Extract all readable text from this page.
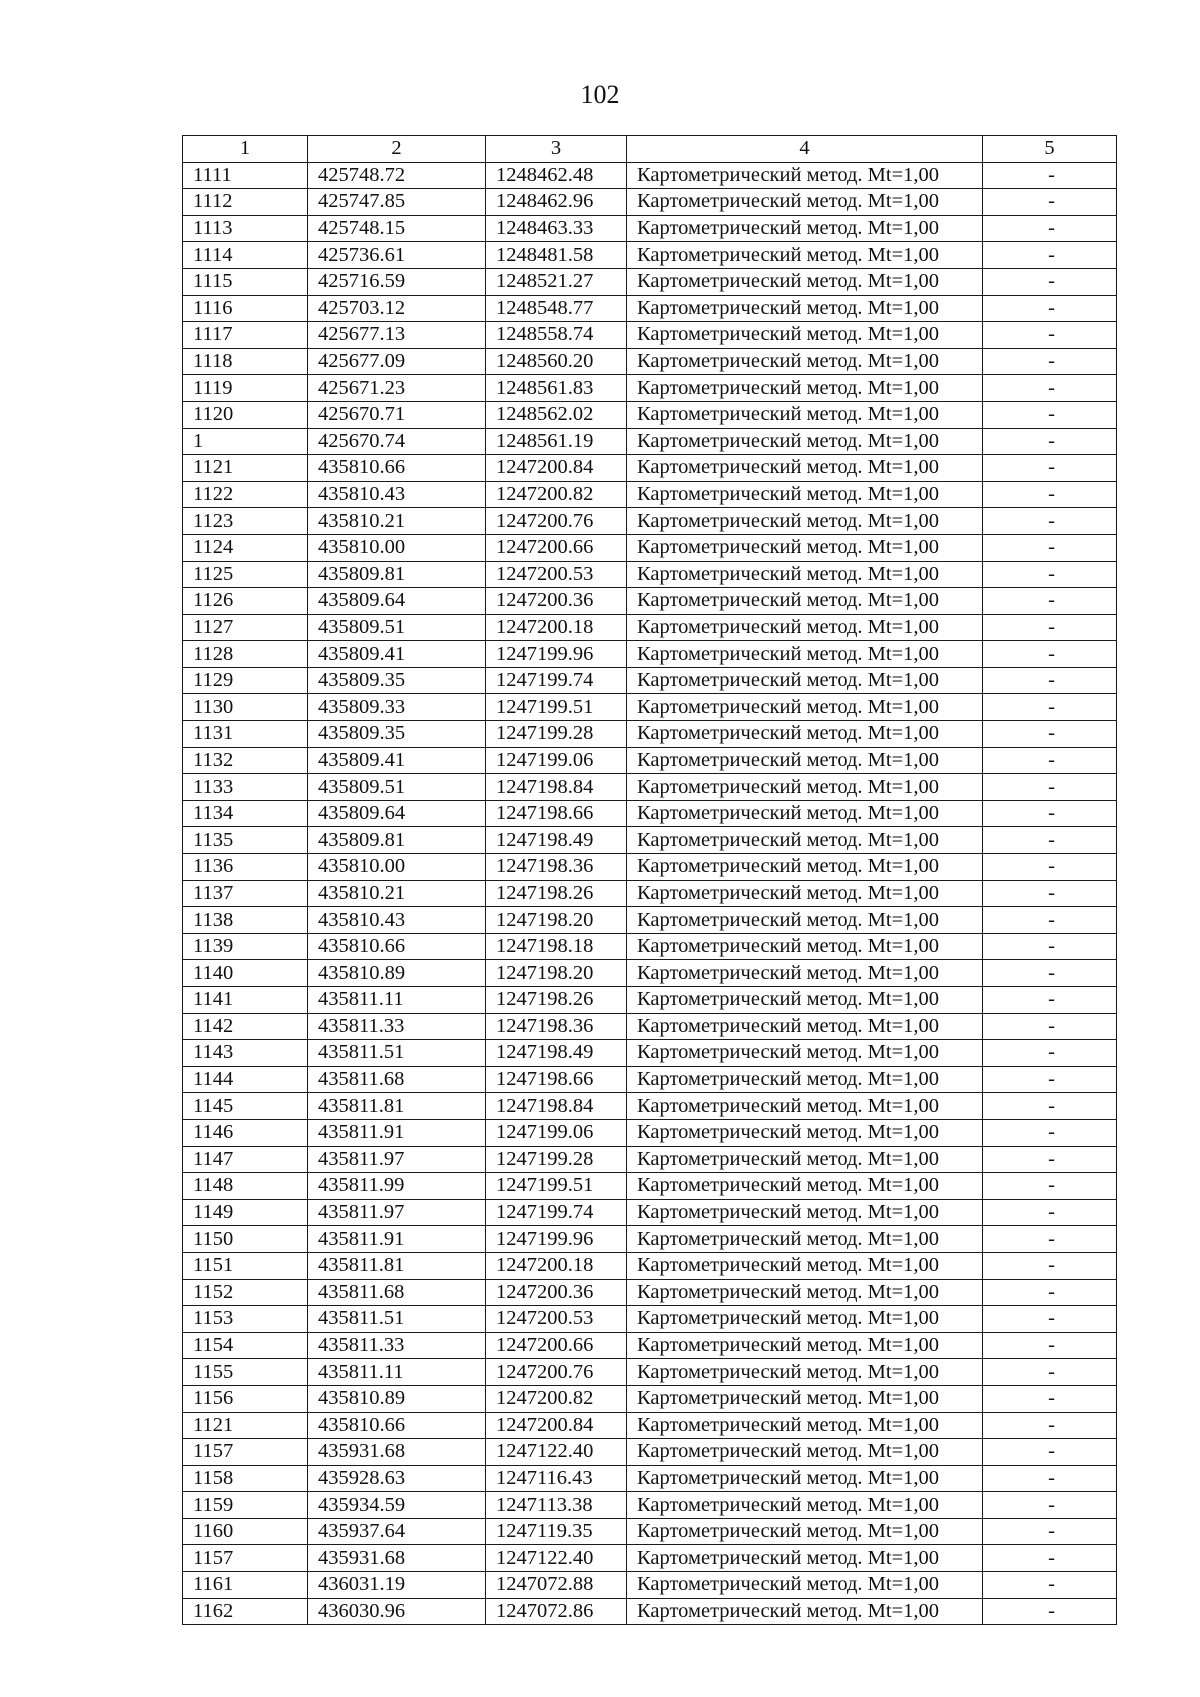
102
1	2	3	4	5
1111	425748.72	1248462.48	Картометрический метод. Mt=1,00	-
1112	425747.85	1248462.96	Картометрический метод. Mt=1,00	-
1113	425748.15	1248463.33	Картометрический метод. Mt=1,00	-
1114	425736.61	1248481.58	Картометрический метод. Mt=1,00	-
1115	425716.59	1248521.27	Картометрический метод. Mt=1,00	-
1116	425703.12	1248548.77	Картометрический метод. Mt=1,00	-
1117	425677.13	1248558.74	Картометрический метод. Mt=1,00	-
1118	425677.09	1248560.20	Картометрический метод. Mt=1,00	-
1119	425671.23	1248561.83	Картометрический метод. Mt=1,00	-
1120	425670.71	1248562.02	Картометрический метод. Mt=1,00	-
1	425670.74	1248561.19	Картометрический метод. Mt=1,00	-
1121	435810.66	1247200.84	Картометрический метод. Mt=1,00	-
1122	435810.43	1247200.82	Картометрический метод. Mt=1,00	-
1123	435810.21	1247200.76	Картометрический метод. Mt=1,00	-
1124	435810.00	1247200.66	Картометрический метод. Mt=1,00	-
1125	435809.81	1247200.53	Картометрический метод. Mt=1,00	-
1126	435809.64	1247200.36	Картометрический метод. Mt=1,00	-
1127	435809.51	1247200.18	Картометрический метод. Mt=1,00	-
1128	435809.41	1247199.96	Картометрический метод. Mt=1,00	-
1129	435809.35	1247199.74	Картометрический метод. Mt=1,00	-
1130	435809.33	1247199.51	Картометрический метод. Mt=1,00	-
1131	435809.35	1247199.28	Картометрический метод. Mt=1,00	-
1132	435809.41	1247199.06	Картометрический метод. Mt=1,00	-
1133	435809.51	1247198.84	Картометрический метод. Mt=1,00	-
1134	435809.64	1247198.66	Картометрический метод. Mt=1,00	-
1135	435809.81	1247198.49	Картометрический метод. Mt=1,00	-
1136	435810.00	1247198.36	Картометрический метод. Mt=1,00	-
1137	435810.21	1247198.26	Картометрический метод. Mt=1,00	-
1138	435810.43	1247198.20	Картометрический метод. Mt=1,00	-
1139	435810.66	1247198.18	Картометрический метод. Mt=1,00	-
1140	435810.89	1247198.20	Картометрический метод. Mt=1,00	-
1141	435811.11	1247198.26	Картометрический метод. Mt=1,00	-
1142	435811.33	1247198.36	Картометрический метод. Mt=1,00	-
1143	435811.51	1247198.49	Картометрический метод. Mt=1,00	-
1144	435811.68	1247198.66	Картометрический метод. Mt=1,00	-
1145	435811.81	1247198.84	Картометрический метод. Mt=1,00	-
1146	435811.91	1247199.06	Картометрический метод. Mt=1,00	-
1147	435811.97	1247199.28	Картометрический метод. Mt=1,00	-
1148	435811.99	1247199.51	Картометрический метод. Mt=1,00	-
1149	435811.97	1247199.74	Картометрический метод. Mt=1,00	-
1150	435811.91	1247199.96	Картометрический метод. Mt=1,00	-
1151	435811.81	1247200.18	Картометрический метод. Mt=1,00	-
1152	435811.68	1247200.36	Картометрический метод. Mt=1,00	-
1153	435811.51	1247200.53	Картометрический метод. Mt=1,00	-
1154	435811.33	1247200.66	Картометрический метод. Mt=1,00	-
1155	435811.11	1247200.76	Картометрический метод. Mt=1,00	-
1156	435810.89	1247200.82	Картометрический метод. Mt=1,00	-
1121	435810.66	1247200.84	Картометрический метод. Mt=1,00	-
1157	435931.68	1247122.40	Картометрический метод. Mt=1,00	-
1158	435928.63	1247116.43	Картометрический метод. Mt=1,00	-
1159	435934.59	1247113.38	Картометрический метод. Mt=1,00	-
1160	435937.64	1247119.35	Картометрический метод. Mt=1,00	-
1157	435931.68	1247122.40	Картометрический метод. Mt=1,00	-
1161	436031.19	1247072.88	Картометрический метод. Mt=1,00	-
1162	436030.96	1247072.86	Картометрический метод. Mt=1,00	-
